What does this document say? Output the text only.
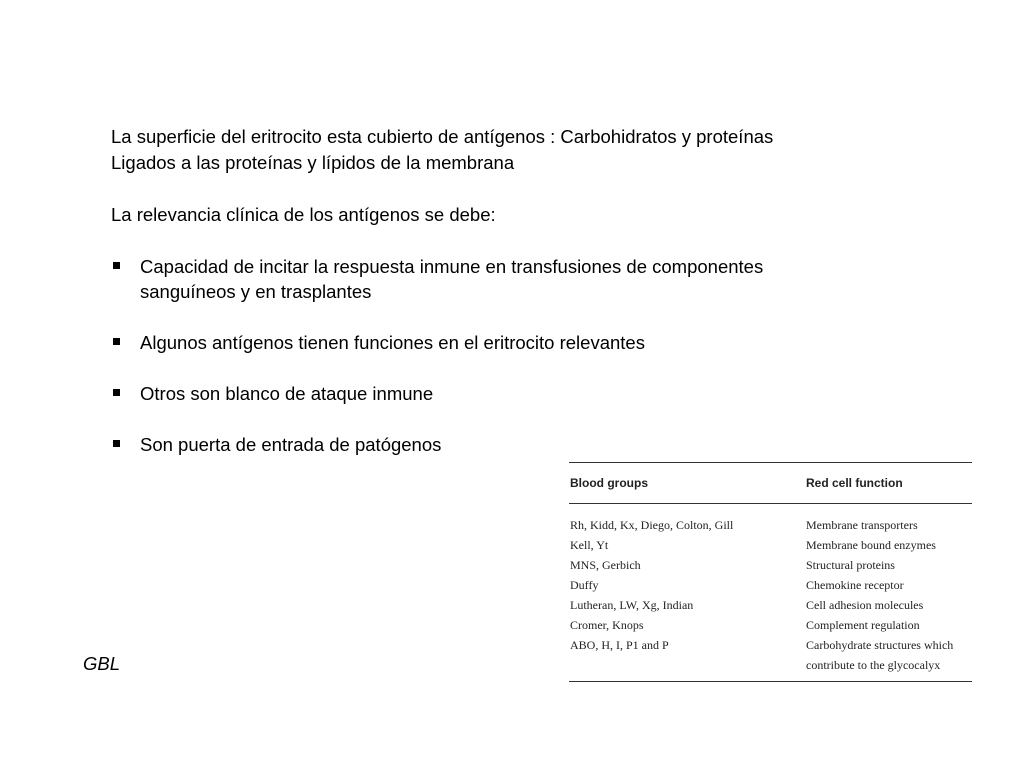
La superficie del eritrocito esta cubierto de antígenos : Carbohidratos y proteínas

Ligados a las proteínas y lípidos de la membrana

La relevancia clínica de los antígenos se debe:

Capacidad de incitar la respuesta inmune en transfusiones de componentes
sanguíneos y en trasplantes
Algunos antígenos tienen funciones en el eritrocito relevantes
Otros son blanco de ataque inmune
Son puerta de entrada de patógenos
GBL
Blood groups	Red cell function
Rh, Kidd, Kx, Diego, Colton, Gill	Membrane transporters
Kell, Yt	Membrane bound enzymes
MNS, Gerbich	Structural proteins
Duffy	Chemokine receptor
Lutheran, LW, Xg, Indian	Cell adhesion molecules
Cromer, Knops	Complement regulation
ABO, H, I, P1 and P	Carbohydrate structures which
contribute to the glycocalyx
